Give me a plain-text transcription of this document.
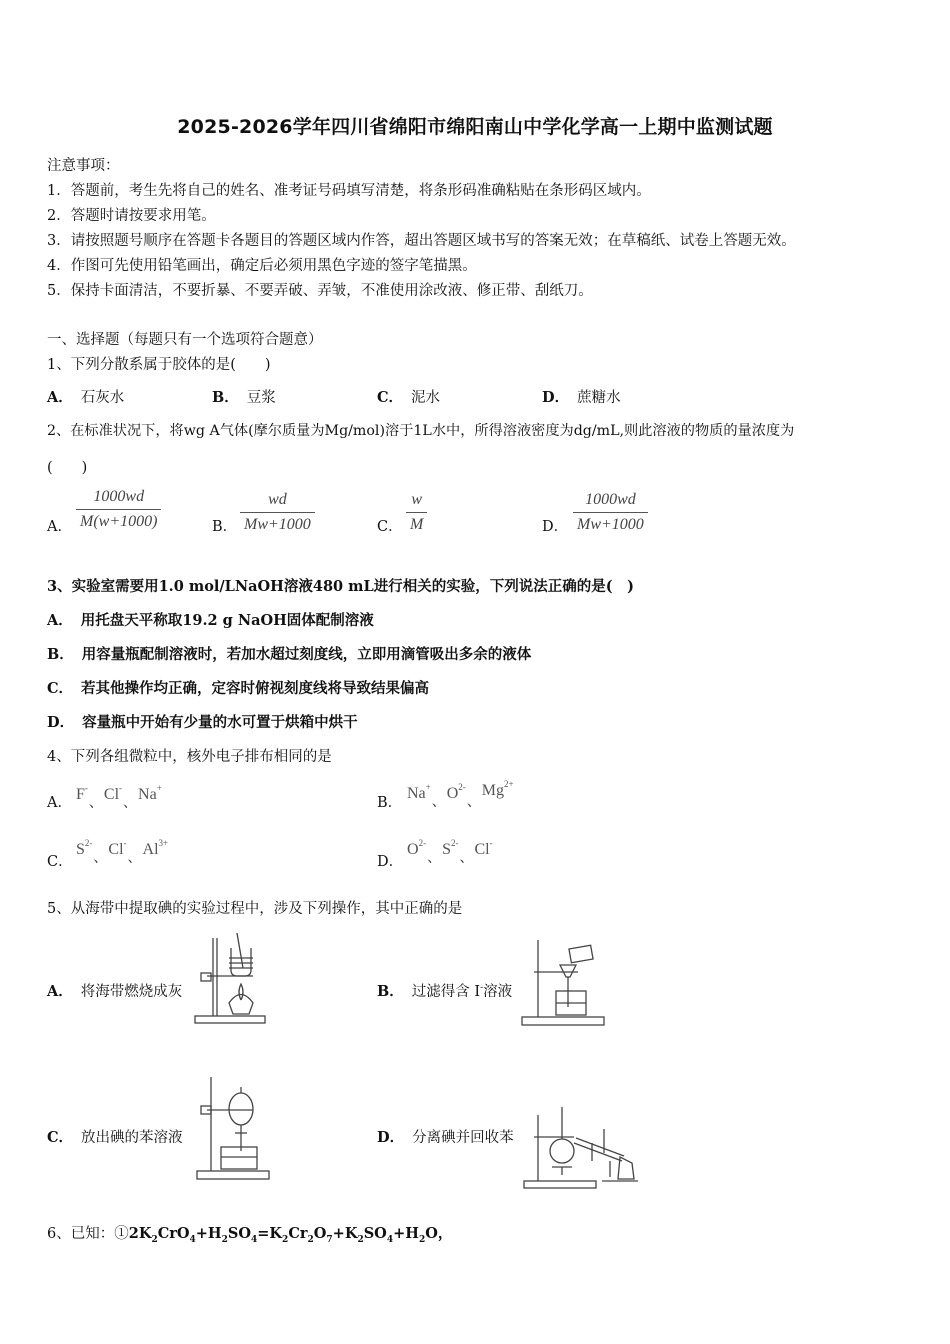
2025-2026学年四川省绵阳市绵阳南山中学化学高一上期中监测试题
注意事项：
1．答题前，考生先将自己的姓名、准考证号码填写清楚，将条形码准确粘贴在条形码区域内。
2．答题时请按要求用笔。
3．请按照题号顺序在答题卡各题目的答题区域内作答，超出答题区域书写的答案无效；在草稿纸、试卷上答题无效。
4．作图可先使用铅笔画出，确定后必须用黑色字迹的签字笔描黑。
5．保持卡面清洁，不要折暴、不要弄破、弄皱，不准使用涂改液、修正带、刮纸刀。
一、选择题（每题只有一个选项符合题意）
1、下列分散系属于胶体的是(　　)
A． 石灰水	B． 豆浆	C． 泥水	D． 蔗糖水
2、在标准状况下，将wg A气体(摩尔质量为Mg/mol)溶于1L水中，所得溶液密度为dg/mL,则此溶液的物质的量浓度为
(　　)
A．
1000wd
M(w+1000)	B．
wd
Mw+1000	C．
w
M	D．
1000wd
Mw+1000
3、实验室需要用1.0 mol/LNaOH溶液480 mL进行相关的实验，下列说法正确的是(　)
A． 用托盘天平称取19.2 g NaOH固体配制溶液
B． 用容量瓶配制溶液时，若加水超过刻度线，立即用滴管吸出多余的液体
C． 若其他操作均正确，定容时俯视刻度线将导致结果偏高
D． 容量瓶中开始有少量的水可置于烘箱中烘干
4、下列各组微粒中，核外电子排布相同的是
A． F-、Cl-、Na+
B．
Na+、$O^{2-}$、$Mg^{2+}$
C．
$S^{2-}$、Cl-、$Al^{3+}$
D．
$O^{2-}$、$S^{2-}$、Cl-
5、从海带中提取碘的实验过程中，涉及下列操作，其中正确的是
A． 将海带燃烧成灰	B． 过滤得含 I-溶液
C． 放出碘的苯溶液	D． 分离碘并回收苯
6、已知：$①2K_2CrO_4+H_2SO_4=K_2Cr_2O_7+K_2SO_4+H_2O$，
